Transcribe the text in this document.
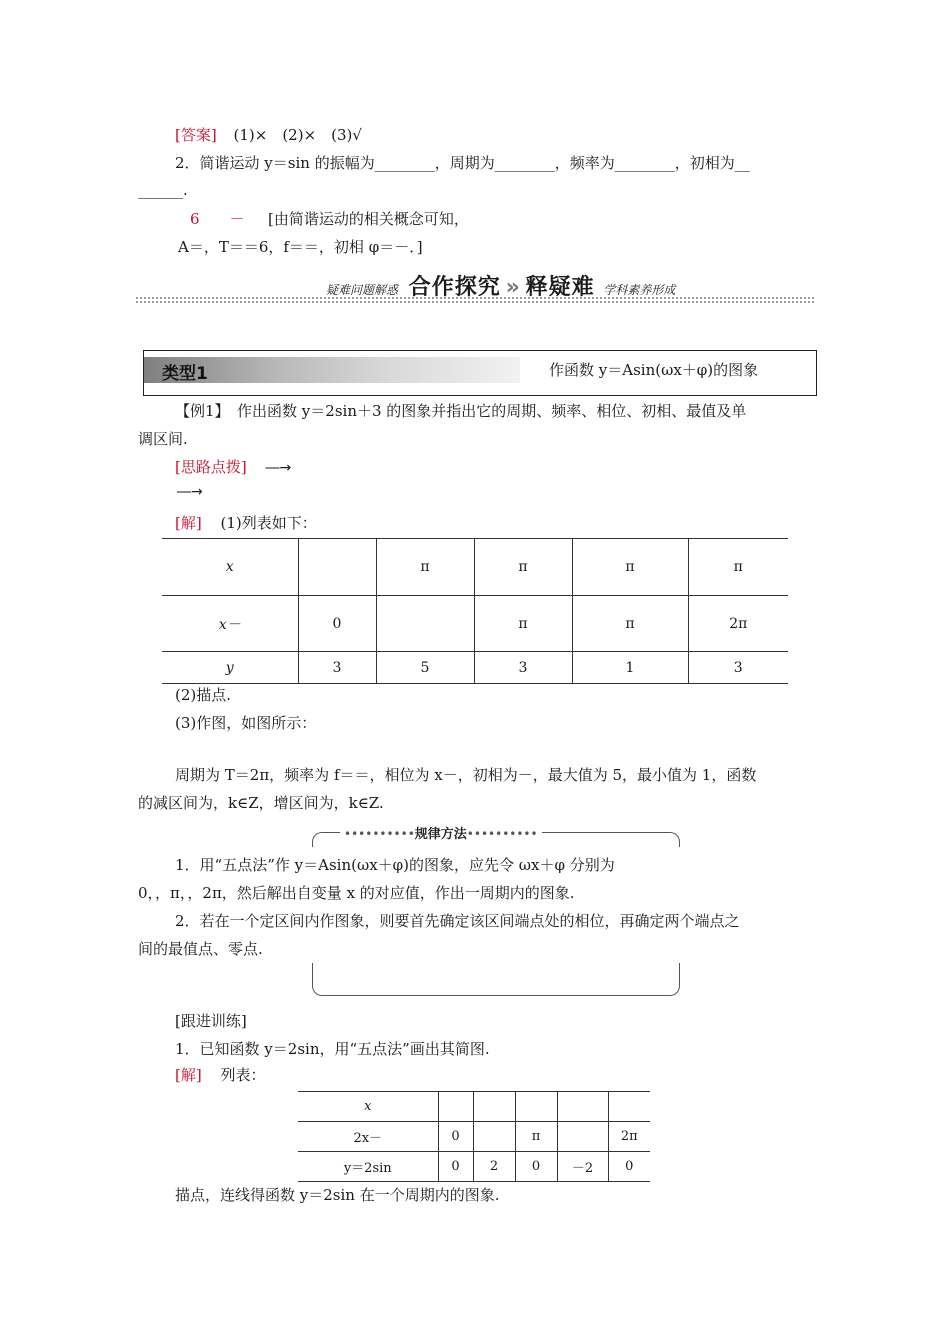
[答案] (1)×　(2)×　(3)√
2．简谐运动 y＝sin 的振幅为________，周期为________，频率为________，初相为__
______.
6　　－ [由简谐运动的相关概念可知，
A＝，T＝＝6，f＝＝，初相 φ＝－．]
疑难问题解惑 合作探究 » 释疑难 学科素养形成
类型1	作函数 y＝Asin(ωx＋φ)的图象
【例1】　作出函数 y＝2sin＋3 的图象并指出它的周期、频率、相位、初相、最值及单
调区间.
[思路点拨] ―→
―→
[解] (1)列表如下：
x		π	π	π	π
x－	0		π	π	2π
y	3	5	3	1	3
(2)描点.
(3)作图，如图所示：
周期为 T＝2π，频率为 f＝＝，相位为 x－，初相为－，最大值为 5，最小值为 1，函数
的减区间为，k∈Z，增区间为，k∈Z.
••••••••••规律方法••••••••••
1．用“五点法”作 y＝Asin(ωx＋φ)的图象，应先令 ωx＋φ 分别为
0，，π，，2π，然后解出自变量 x 的对应值，作出一周期内的图象.
2．若在一个定区间内作图象，则要首先确定该区间端点处的相位，再确定两个端点之
间的最值点、零点.
[跟进训练]
1．已知函数 y＝2sin，用“五点法”画出其简图.
[解] 列表：
x					
2x－	0		π		2π
y＝2sin	0	2	0	－2	0
描点，连线得函数 y＝2sin 在一个周期内的图象.
